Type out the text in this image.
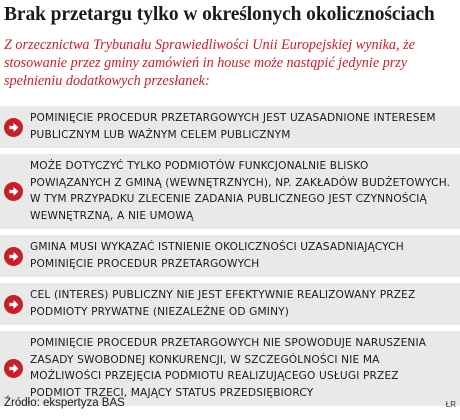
Brak przetargu tylko w określonych okolicznościach

Z orzecznictwa Trybunału Sprawiedliwości Unii Europejskiej wynika, że stosowanie przez gminy zamówień in house może nastąpić jedynie przy spełnieniu dodatkowych przesłanek:

POMINIĘCIE PROCEDUR PRZETARGOWYCH JEST UZASADNIONE INTERESEM PUBLICZNYM LUB WAŻNYM CELEM PUBLICZNYM
MOŻE DOTYCZYĆ TYLKO PODMIOTÓW FUNKCJONALNIE BLISKO POWIĄZANYCH Z GMINĄ (WEWNĘTRZNYCH), NP. ZAKŁADÓW BUDŻETOWYCH. W TYM PRZYPADKU ZLECENIE ZADANIA PUBLICZNEGO JEST CZYNNOŚCIĄ WEWNĘTRZNĄ, A NIE UMOWĄ
GMINA MUSI WYKAZAĆ ISTNIENIE OKOLICZNOŚCI UZASADNIAJĄCYCH POMINIĘCIE PROCEDUR PRZETARGOWYCH
CEL (INTERES) PUBLICZNY NIE JEST EFEKTYWNIE REALIZOWANY PRZEZ PODMIOTY PRYWATNE (NIEZALEŻNE OD GMINY)
POMINIĘCIE PROCEDUR PRZETARGOWYCH NIE SPOWODUJE NARUSZENIA ZASADY SWOBODNEJ KONKURENCJI, W SZCZEGÓLNOŚCI NIE MA MOŻLIWOŚCI PRZEJĘCIA PODMIOTU REALIZUJĄCEGO USŁUGI PRZEZ PODMIOT TRZECI, MAJĄCY STATUS PRZEDSIĘBIORCY
Źródło: ekspertyza BAS	ŁR
